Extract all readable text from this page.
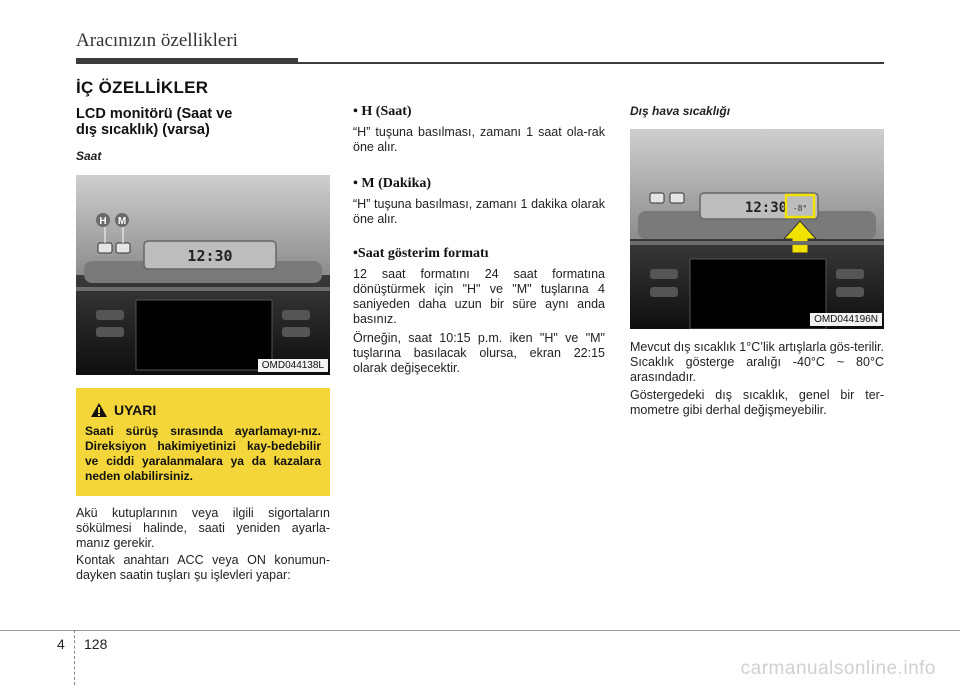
Aracınızın özellikleri
İÇ ÖZELLİKLER
LCD monitörü (Saat ve
dış sıcaklık) (varsa)
Saat
12:30
H M
OMD044138L
UYARI
Saati sürüş sırasında ayarlamayı-nız. Direksiyon hakimiyetinizi kay-bedebilir ve ciddi yaralanmalara ya da kazalara neden olabilirsiniz.
Akü kutuplarının veya ilgili sigortaların sökülmesi halinde, saati yeniden ayarla-manız gerekir.
Kontak anahtarı ACC veya ON konumun-dayken saatin tuşları şu işlevleri yapar:
• H (Saat)
“H” tuşuna basılması, zamanı 1 saat ola-rak öne alır.
• M (Dakika)
“H” tuşuna basılması, zamanı 1 dakika olarak öne alır.
•Saat gösterim formatı
12 saat formatını 24 saat formatına dönüştürmek için "H" ve "M" tuşlarına 4 saniyeden daha uzun bir süre aynı anda basınız.
Örneğin, saat 10:15 p.m. iken "H" ve "M" tuşlarına basılacak olursa, ekran 22:15 olarak değişecektir.
Dış hava sıcaklığı
12:30 -8°
OMD044196N
Mevcut dış sıcaklık 1°C’lik artışlarla gös-terilir. Sıcaklık gösterge aralığı -40°C ~ 80°C arasındadır.
Göstergedeki dış sıcaklık, genel bir ter-mometre gibi derhal değişmeyebilir.
4 128
carmanualsonline.info
